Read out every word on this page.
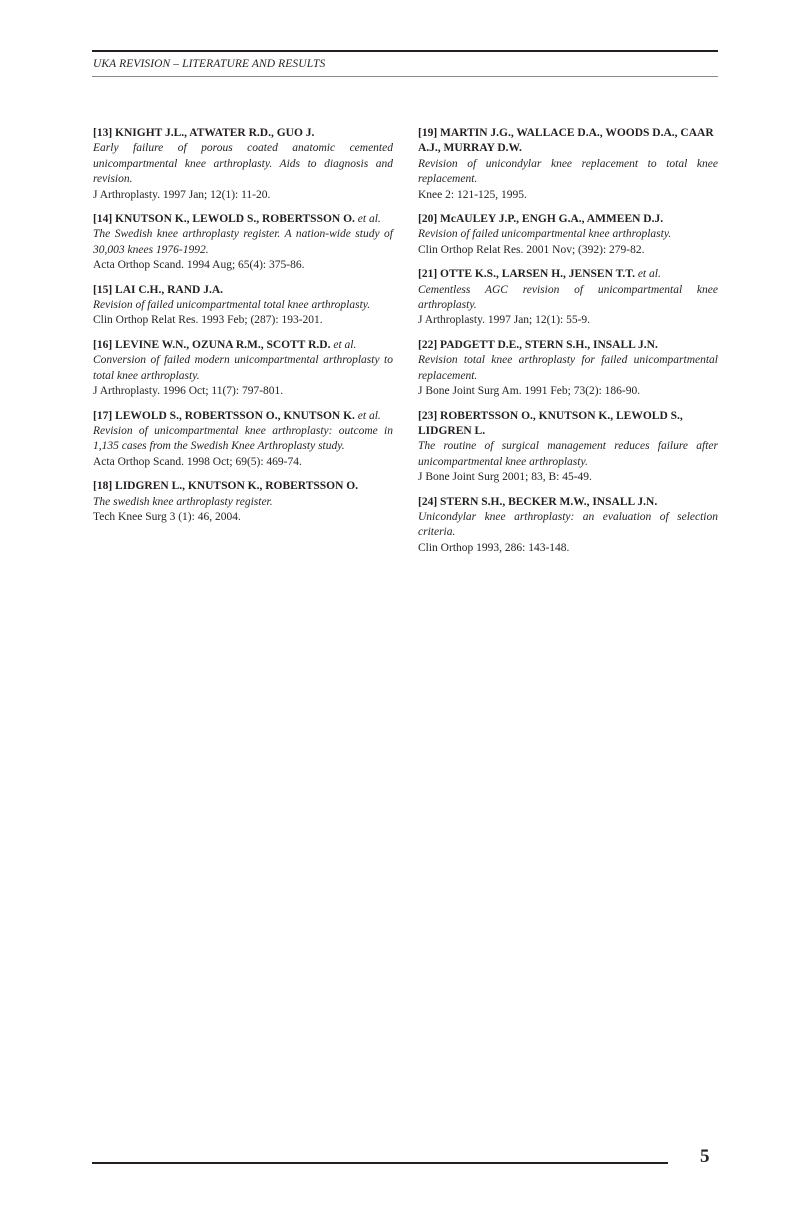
UKA REVISION – LITERATURE AND RESULTS
[13] KNIGHT J.L., ATWATER R.D., GUO J.
Early failure of porous coated anatomic cemented unicompartmental knee arthroplasty. Aids to diagnosis and revision.
J Arthroplasty. 1997 Jan; 12(1): 11-20.
[14] KNUTSON K., LEWOLD S., ROBERTSSON O. et al.
The Swedish knee arthroplasty register. A nation-wide study of 30,003 knees 1976-1992.
Acta Orthop Scand. 1994 Aug; 65(4): 375-86.
[15] LAI C.H., RAND J.A.
Revision of failed unicompartmental total knee arthroplasty.
Clin Orthop Relat Res. 1993 Feb; (287): 193-201.
[16] LEVINE W.N., OZUNA R.M., SCOTT R.D. et al.
Conversion of failed modern unicompartmental arthroplasty to total knee arthroplasty.
J Arthroplasty. 1996 Oct; 11(7): 797-801.
[17] LEWOLD S., ROBERTSSON O., KNUTSON K. et al.
Revision of unicompartmental knee arthroplasty: outcome in 1,135 cases from the Swedish Knee Arthroplasty study.
Acta Orthop Scand. 1998 Oct; 69(5): 469-74.
[18] LIDGREN L., KNUTSON K., ROBERTSSON O.
The swedish knee arthroplasty register.
Tech Knee Surg 3 (1): 46, 2004.
[19] MARTIN J.G., WALLACE D.A., WOODS D.A., CAAR A.J., MURRAY D.W.
Revision of unicondylar knee replacement to total knee replacement.
Knee 2: 121-125, 1995.
[20] McAULEY J.P., ENGH G.A., AMMEEN D.J.
Revision of failed unicompartmental knee arthroplasty.
Clin Orthop Relat Res. 2001 Nov; (392): 279-82.
[21] OTTE K.S., LARSEN H., JENSEN T.T. et al.
Cementless AGC revision of unicompartmental knee arthroplasty.
J Arthroplasty. 1997 Jan; 12(1): 55-9.
[22] PADGETT D.E., STERN S.H., INSALL J.N.
Revision total knee arthroplasty for failed unicompartmental replacement.
J Bone Joint Surg Am. 1991 Feb; 73(2): 186-90.
[23] ROBERTSSON O., KNUTSON K., LEWOLD S., LIDGREN L.
The routine of surgical management reduces failure after unicompartmental knee arthroplasty.
J Bone Joint Surg 2001; 83, B: 45-49.
[24] STERN S.H., BECKER M.W., INSALL J.N.
Unicondylar knee arthroplasty: an evaluation of selection criteria.
Clin Orthop 1993, 286: 143-148.
5
